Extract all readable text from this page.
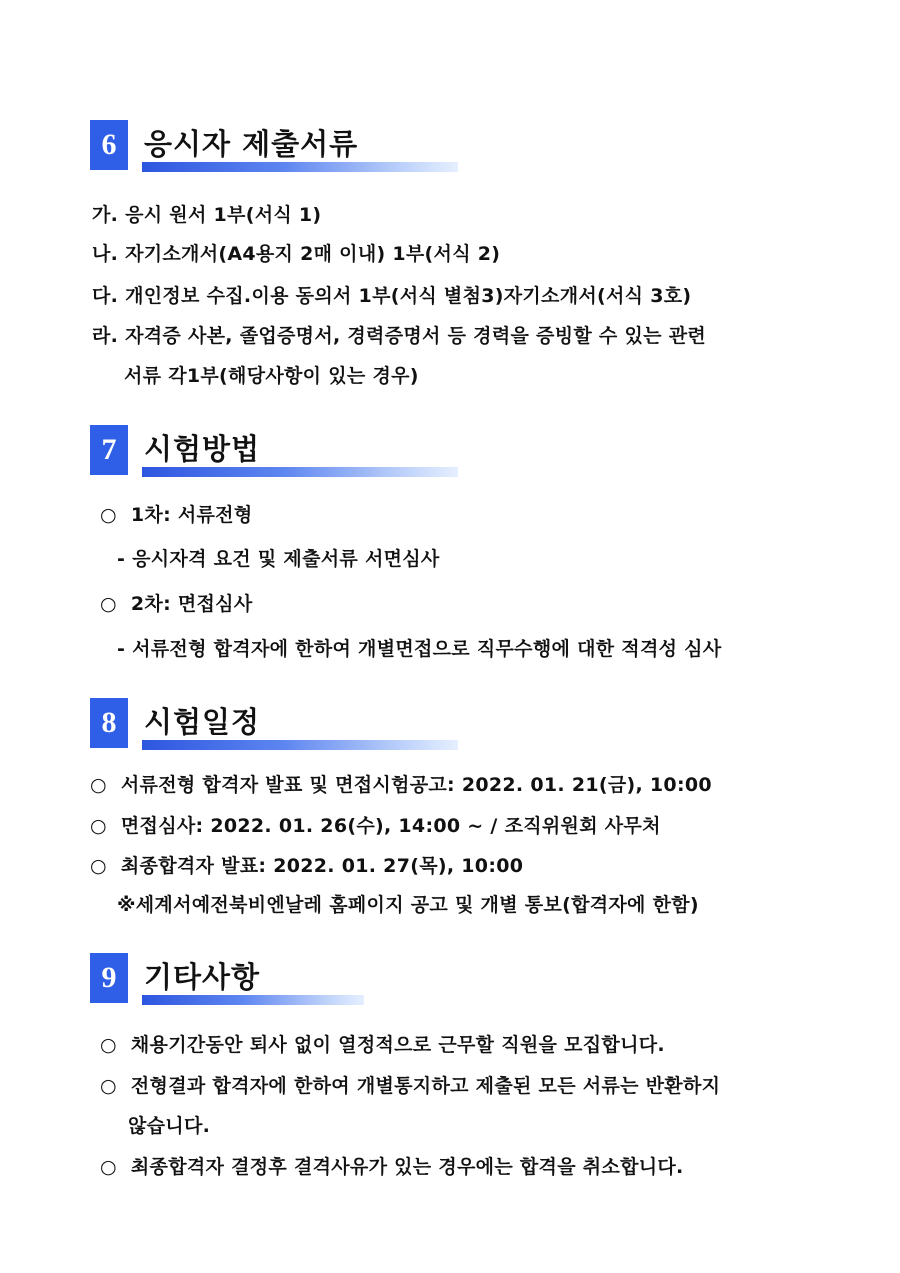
6 응시자 제출서류
가. 응시 원서 1부(서식 1)
나. 자기소개서(A4용지 2매 이내) 1부(서식 2)
다. 개인정보 수집.이용 동의서 1부(서식 별첨3)자기소개서(서식 3호)
라. 자격증 사본, 졸업증명서, 경력증명서 등 경력을 증빙할 수 있는 관련
서류 각1부(해당사항이 있는 경우)
7 시험방법
○ 1차: 서류전형
- 응시자격 요건 및 제출서류 서면심사
○ 2차: 면접심사
- 서류전형 합격자에 한하여 개별면접으로 직무수행에 대한 적격성 심사
8 시험일정
○ 서류전형 합격자 발표 및 면접시험공고: 2022. 01. 21(금), 10:00
○ 면접심사: 2022. 01. 26(수), 14:00 ~ / 조직위원회 사무처
○ 최종합격자 발표: 2022. 01. 27(목), 10:00
※세계서예전북비엔날레 홈페이지 공고 및 개별 통보(합격자에 한함)
9 기타사항
○ 채용기간동안 퇴사 없이 열정적으로 근무할 직원을 모집합니다.
○ 전형결과 합격자에 한하여 개별통지하고 제출된 모든 서류는 반환하지
않습니다.
○ 최종합격자 결정후 결격사유가 있는 경우에는 합격을 취소합니다.
